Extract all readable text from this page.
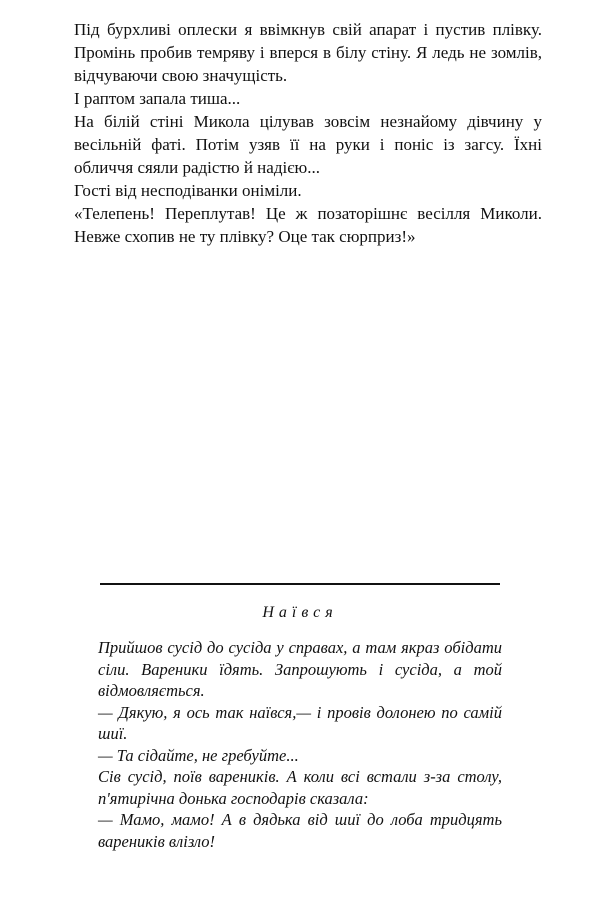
Під бурхливі оплески я ввімкнув свій апарат і пустив плівку. Промінь пробив темряву і вперся в білу стіну. Я ледь не зомлів, відчуваючи свою значущість.

І раптом запала тиша...

На білій стіні Микола цілував зовсім незнайому дівчину у весільній фаті. Потім узяв її на руки і поніс із загсу. Їхні обличчя сяяли радістю й надією...

Гості від несподіванки оніміли.

«Телепень! Переплутав! Це ж позаторішнє весілля Миколи. Невже схопив не ту плівку? Оце так сюрприз!»

Наївся

Прийшов сусід до сусіда у справах, а там якраз обідати сіли. Вареники їдять. Запрошують і сусіда, а той відмовляється.

— Дякую, я ось так наївся,— і провів долонею по самій шиї.

— Та сідайте, не гребуйте...

Сів сусід, поїв вареників. А коли всі встали з-за столу, п'ятирічна донька господарів сказала:

— Мамо, мамо! А в дядька від шиї до лоба тридцять вареників влізло!
